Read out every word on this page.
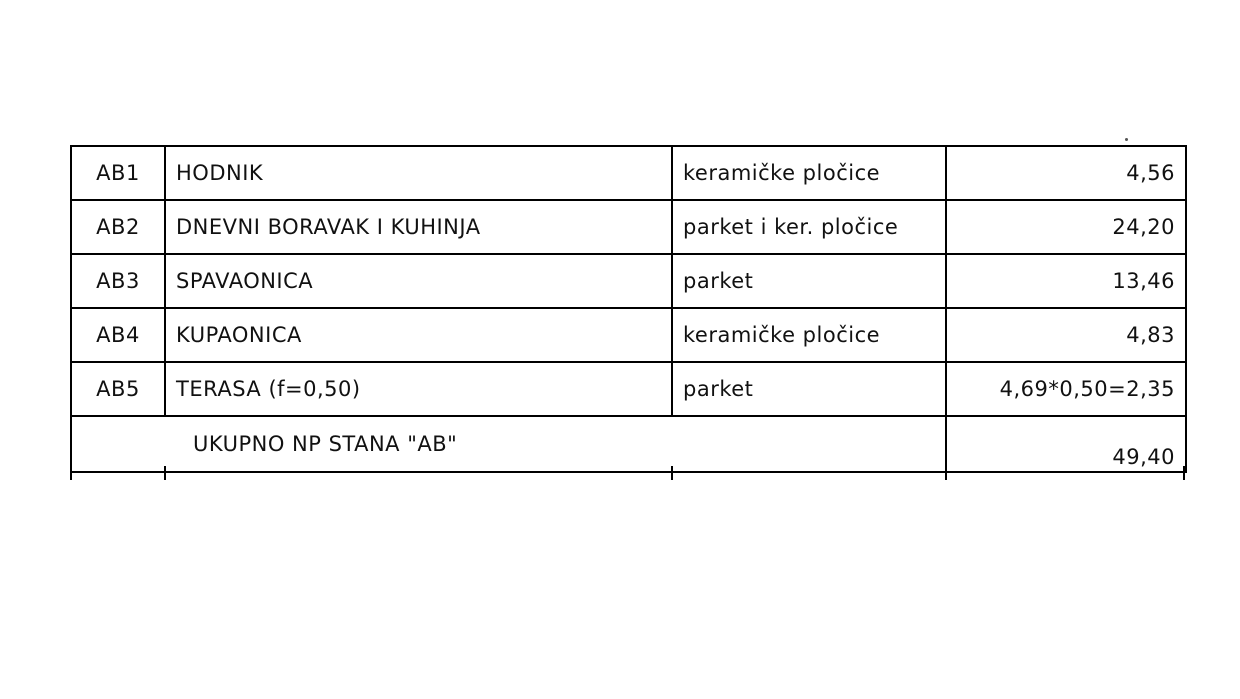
AB1	HODNIK	keramičke pločice	4,56
AB2	DNEVNI BORAVAK I KUHINJA	parket i ker. pločice	24,20
AB3	SPAVAONICA	parket	13,46
AB4	KUPAONICA	keramičke pločice	4,83
AB5	TERASA (f=0,50)	parket	4,69*0,50=2,35
	UKUPNO NP STANA "AB"		49,40
